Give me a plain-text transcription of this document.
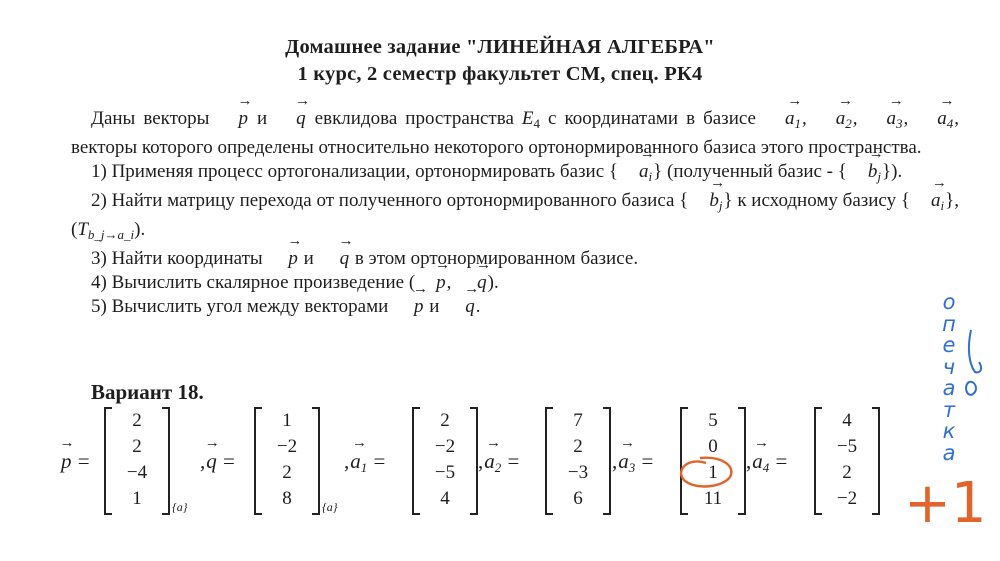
Домашнее задание "ЛИНЕЙНАЯ АЛГЕБРА"
1 курс, 2 семестр факультет СМ, спец. РК4

Даны векторы → p и → q евклидова пространства $E_4$ с координатами в базисе → $a_1$, → $a_2$, → $a_3$, → $a_4$, векторы которого определены относительно некоторого ортонормированного базиса этого пространства.

1) Применяя процесс ортогонализации, ортонормировать базис { → $a_i$} (полученный базис - { → $b_j$}).

2) Найти матрицу перехода от полученного ортонормированного базиса { → $b_j$} к исходному базису { → $a_i$}, $(T_{b\_j\to a\_i})$.

3) Найти координаты → p и → q в этом ортонормированном базисе.

4) Вычислить скалярное произведение ( → p, → q).

5) Вычислить угол между векторами → p и → q.

Вариант 18.
→ p =
2
2
−4
1	{a}
,→ q =
1
−2
2
8	{a}
,→ $a_1$ =
2
−2
−5
4
,→ $a_2$ =
7
2
−3
6
,→ $a_3$ =
5
0
1
11
,→ $a_4$ =
4
−5
2
−2
о
п
е
ч
а
т
к
а
+1
